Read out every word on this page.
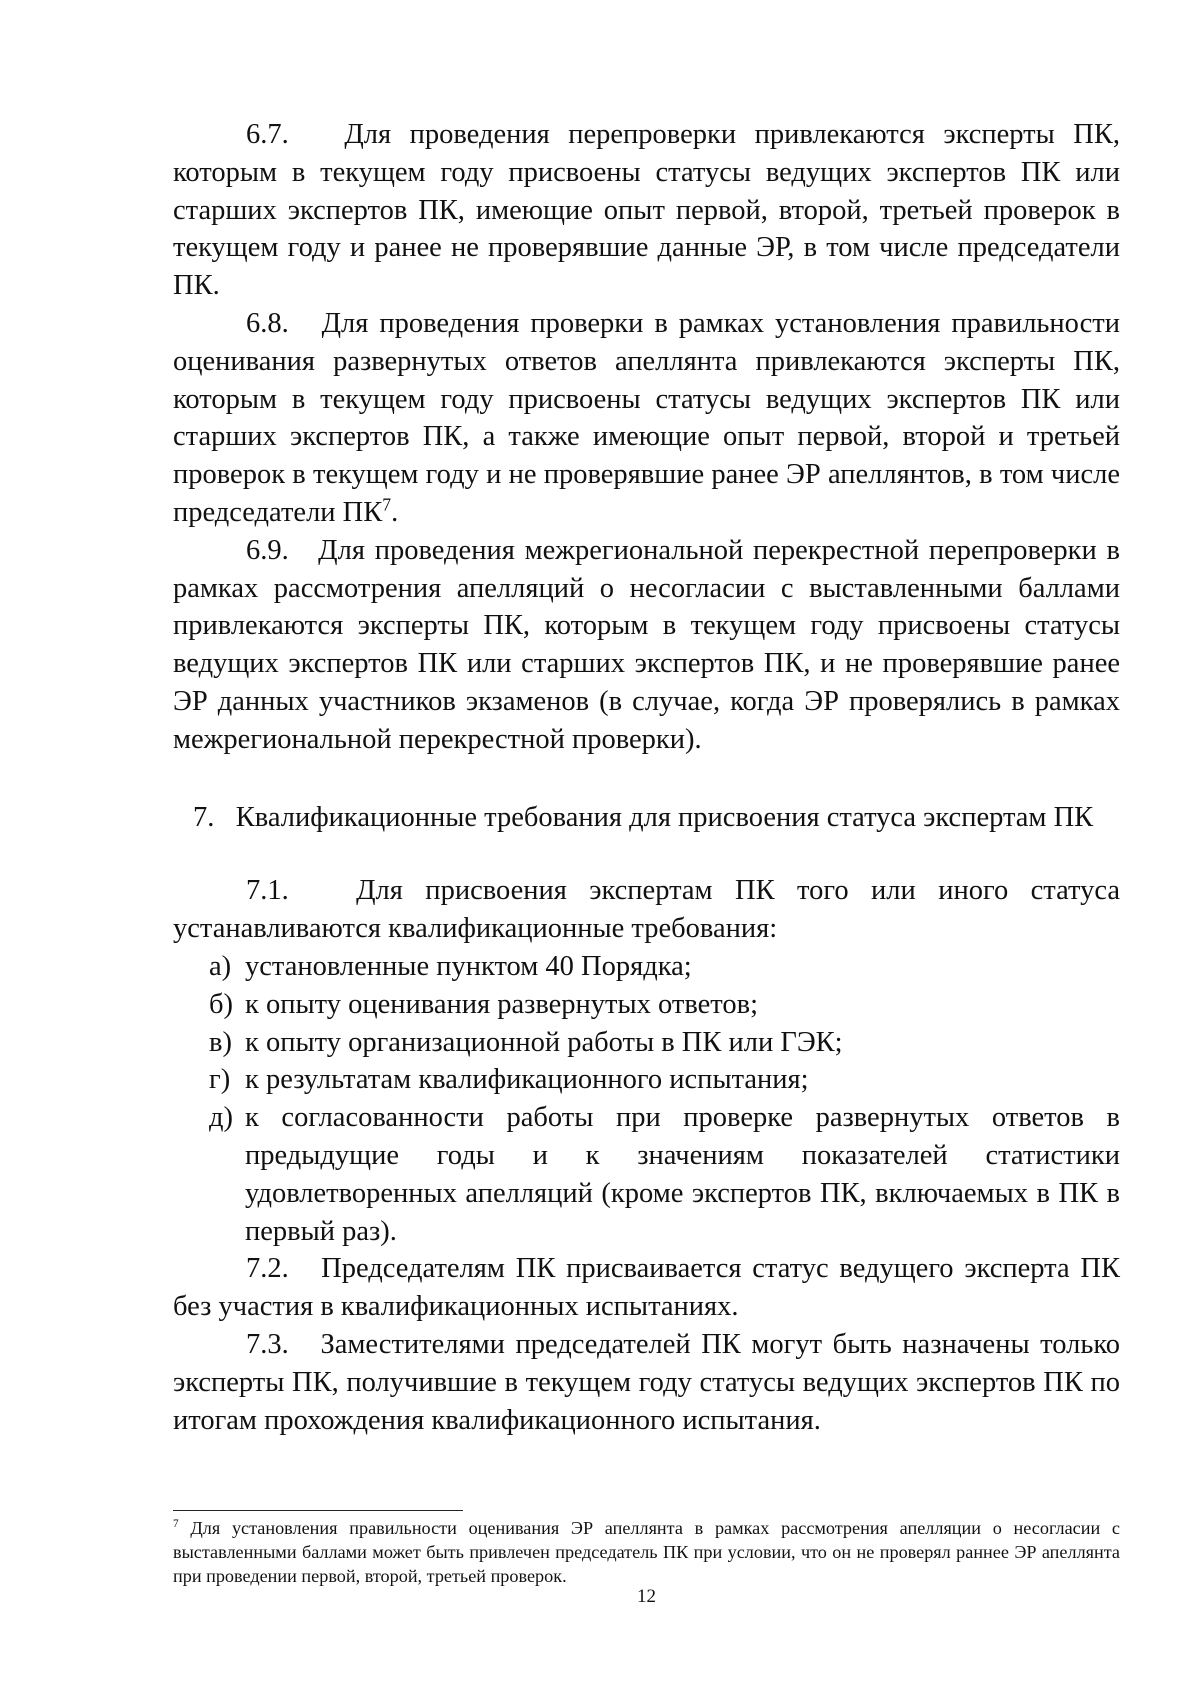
6.7. Для проведения перепроверки привлекаются эксперты ПК, которым в текущем году присвоены статусы ведущих экспертов ПК или старших экспертов ПК, имеющие опыт первой, второй, третьей проверок в текущем году и ранее не проверявшие данные ЭР, в том числе председатели ПК.

6.8. Для проведения проверки в рамках установления правильности оценивания развернутых ответов апеллянта привлекаются эксперты ПК, которым в текущем году присвоены статусы ведущих экспертов ПК или старших экспертов ПК, а также имеющие опыт первой, второй и третьей проверок в текущем году и не проверявшие ранее ЭР апеллянтов, в том числе председатели $ПК^7$.

6.9. Для проведения межрегиональной перекрестной перепроверки в рамках рассмотрения апелляций о несогласии с выставленными баллами привлекаются эксперты ПК, которым в текущем году присвоены статусы ведущих экспертов ПК или старших экспертов ПК, и не проверявшие ранее ЭР данных участников экзаменов (в случае, когда ЭР проверялись в рамках межрегиональной перекрестной проверки).

7.   Квалификационные требования для присвоения статуса экспертам ПК

7.1. Для присвоения экспертам ПК того или иного статуса устанавливаются квалификационные требования:

а) установленные пунктом 40 Порядка;
б) к опыту оценивания развернутых ответов;
в) к опыту организационной работы в ПК или ГЭК;
г) к результатам квалификационного испытания;
д) к согласованности работы при проверке развернутых ответов в предыдущие годы и к значениям показателей статистики удовлетворенных апелляций (кроме экспертов ПК, включаемых в ПК в первый раз).

7.2. Председателям ПК присваивается статус ведущего эксперта ПК без участия в квалификационных испытаниях.

7.3. Заместителями председателей ПК могут быть назначены только эксперты ПК, получившие в текущем году статусы ведущих экспертов ПК по итогам прохождения квалификационного испытания.

$^7$ Для установления правильности оценивания ЭР апеллянта в рамках рассмотрения апелляции о несогласии с выставленными баллами может быть привлечен председатель ПК при условии, что он не проверял раннее ЭР апеллянта при проведении первой, второй, третьей проверок.
12
